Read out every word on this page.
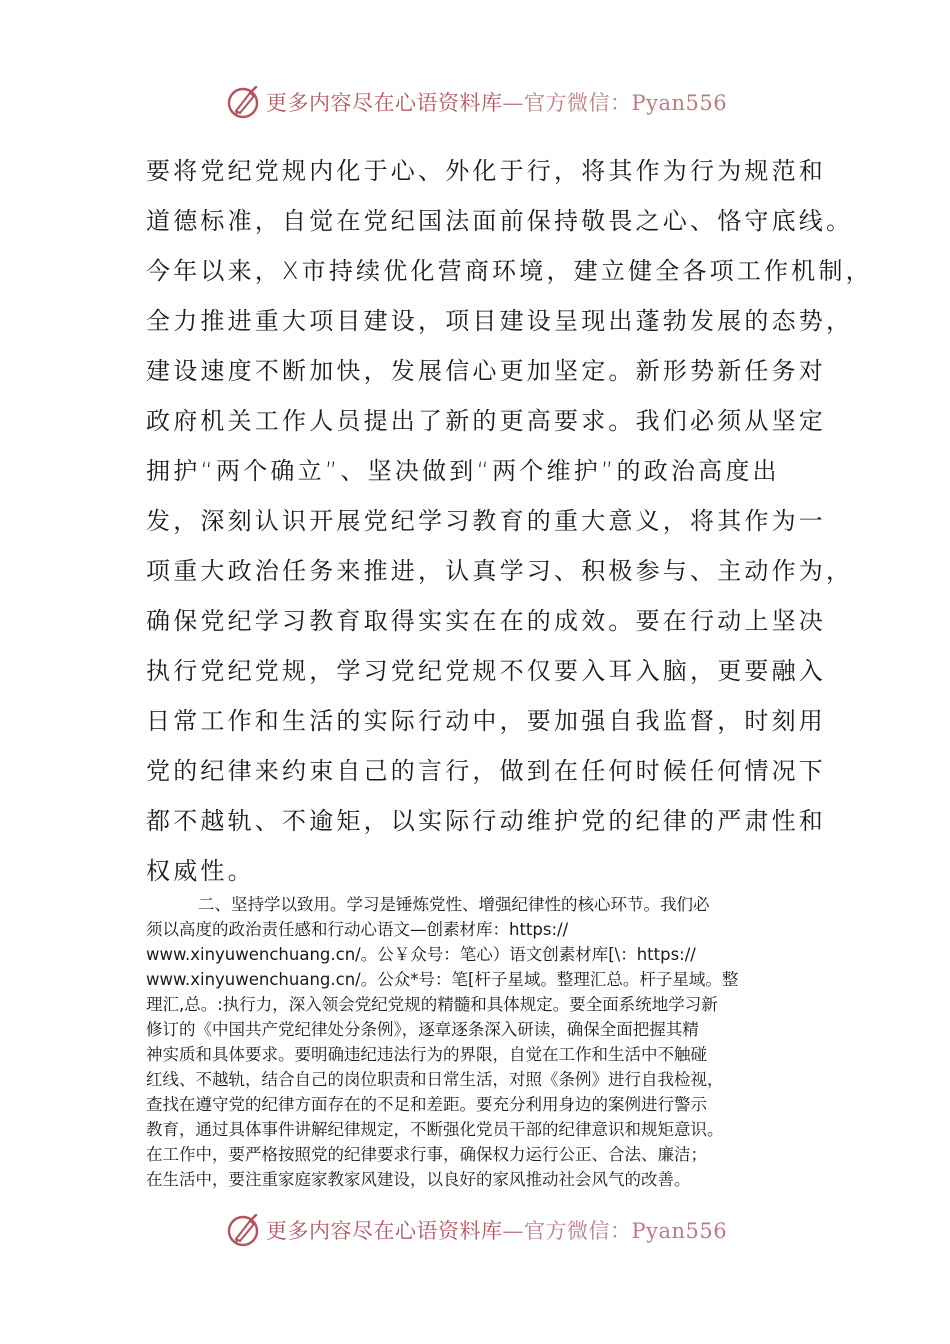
更多内容尽在心语资料库—官方微信：Pyan556
要将党纪党规内化于心、外化于行，将其作为行为规范和
道德标准，自觉在党纪国法面前保持敬畏之心、恪守底线。
今年以来，X市持续优化营商环境，建立健全各项工作机制，
全力推进重大项目建设，项目建设呈现出蓬勃发展的态势，
建设速度不断加快，发展信心更加坚定。新形势新任务对
政府机关工作人员提出了新的更高要求。我们必须从坚定
拥护“两个确立”、坚决做到“两个维护”的政治高度出
发，深刻认识开展党纪学习教育的重大意义，将其作为一
项重大政治任务来推进，认真学习、积极参与、主动作为，
确保党纪学习教育取得实实在在的成效。要在行动上坚决
执行党纪党规，学习党纪党规不仅要入耳入脑，更要融入
日常工作和生活的实际行动中，要加强自我监督，时刻用
党的纪律来约束自己的言行，做到在任何时候任何情况下
都不越轨、不逾矩，以实际行动维护党的纪律的严肃性和
权威性。
二、坚持学以致用。学习是锤炼党性、增强纪律性的核心环节。我们必
须以高度的政治责任感和行动心语文—创素材库：https://
www.xinyuwenchuang.cn/。公￥众号：笔心）语文创素材库[\：https://
www.xinyuwenchuang.cn/。公众*号：笔[杆子星域。整理汇总。杆子星域。整
理汇,总。:执行力，深入领会党纪党规的精髓和具体规定。要全面系统地学习新
修订的《中国共产党纪律处分条例》，逐章逐条深入研读，确保全面把握其精
神实质和具体要求。要明确违纪违法行为的界限，自觉在工作和生活中不触碰
红线、不越轨，结合自己的岗位职责和日常生活，对照《条例》进行自我检视，
查找在遵守党的纪律方面存在的不足和差距。要充分利用身边的案例进行警示
教育，通过具体事件讲解纪律规定，不断强化党员干部的纪律意识和规矩意识。
在工作中，要严格按照党的纪律要求行事，确保权力运行公正、合法、廉洁；
在生活中，要注重家庭家教家风建设，以良好的家风推动社会风气的改善。
更多内容尽在心语资料库—官方微信：Pyan556
